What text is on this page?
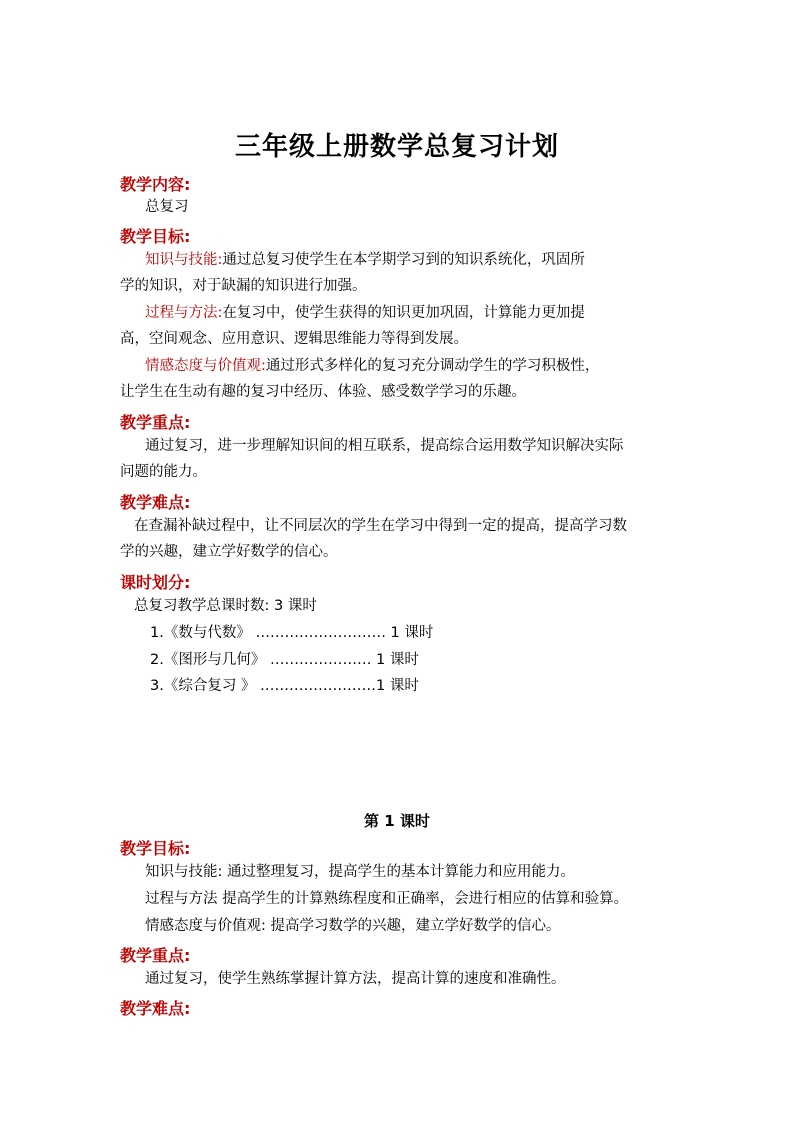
三年级上册数学总复习计划
教学内容:
总复习
教学目标:
知识与技能:通过总复习使学生在本学期学习到的知识系统化，巩固所
学的知识，对于缺漏的知识进行加强。
过程与方法:在复习中，使学生获得的知识更加巩固，计算能力更加提
高，空间观念、应用意识、逻辑思维能力等得到发展。
情感态度与价值观:通过形式多样化的复习充分调动学生的学习积极性，
让学生在生动有趣的复习中经历、体验、感受数学学习的乐趣。
教学重点:
通过复习，进一步理解知识间的相互联系，提高综合运用数学知识解决实际
问题的能力。
教学难点:
在查漏补缺过程中，让不同层次的学生在学习中得到一定的提高，提高学习数
学的兴趣，建立学好数学的信心。
课时划分:
总复习教学总课时数: 3 课时
1.《数与代数》 ……………………… 1 课时
2.《图形与几何》 ………………… 1 课时
3.《综合复习 》 ……………………1 课时
第 1 课时
教学目标:
知识与技能: 通过整理复习，提高学生的基本计算能力和应用能力。
过程与方法 提高学生的计算熟练程度和正确率，会进行相应的估算和验算。
情感态度与价值观: 提高学习数学的兴趣，建立学好数学的信心。
教学重点:
通过复习，使学生熟练掌握计算方法，提高计算的速度和准确性。
教学难点:
